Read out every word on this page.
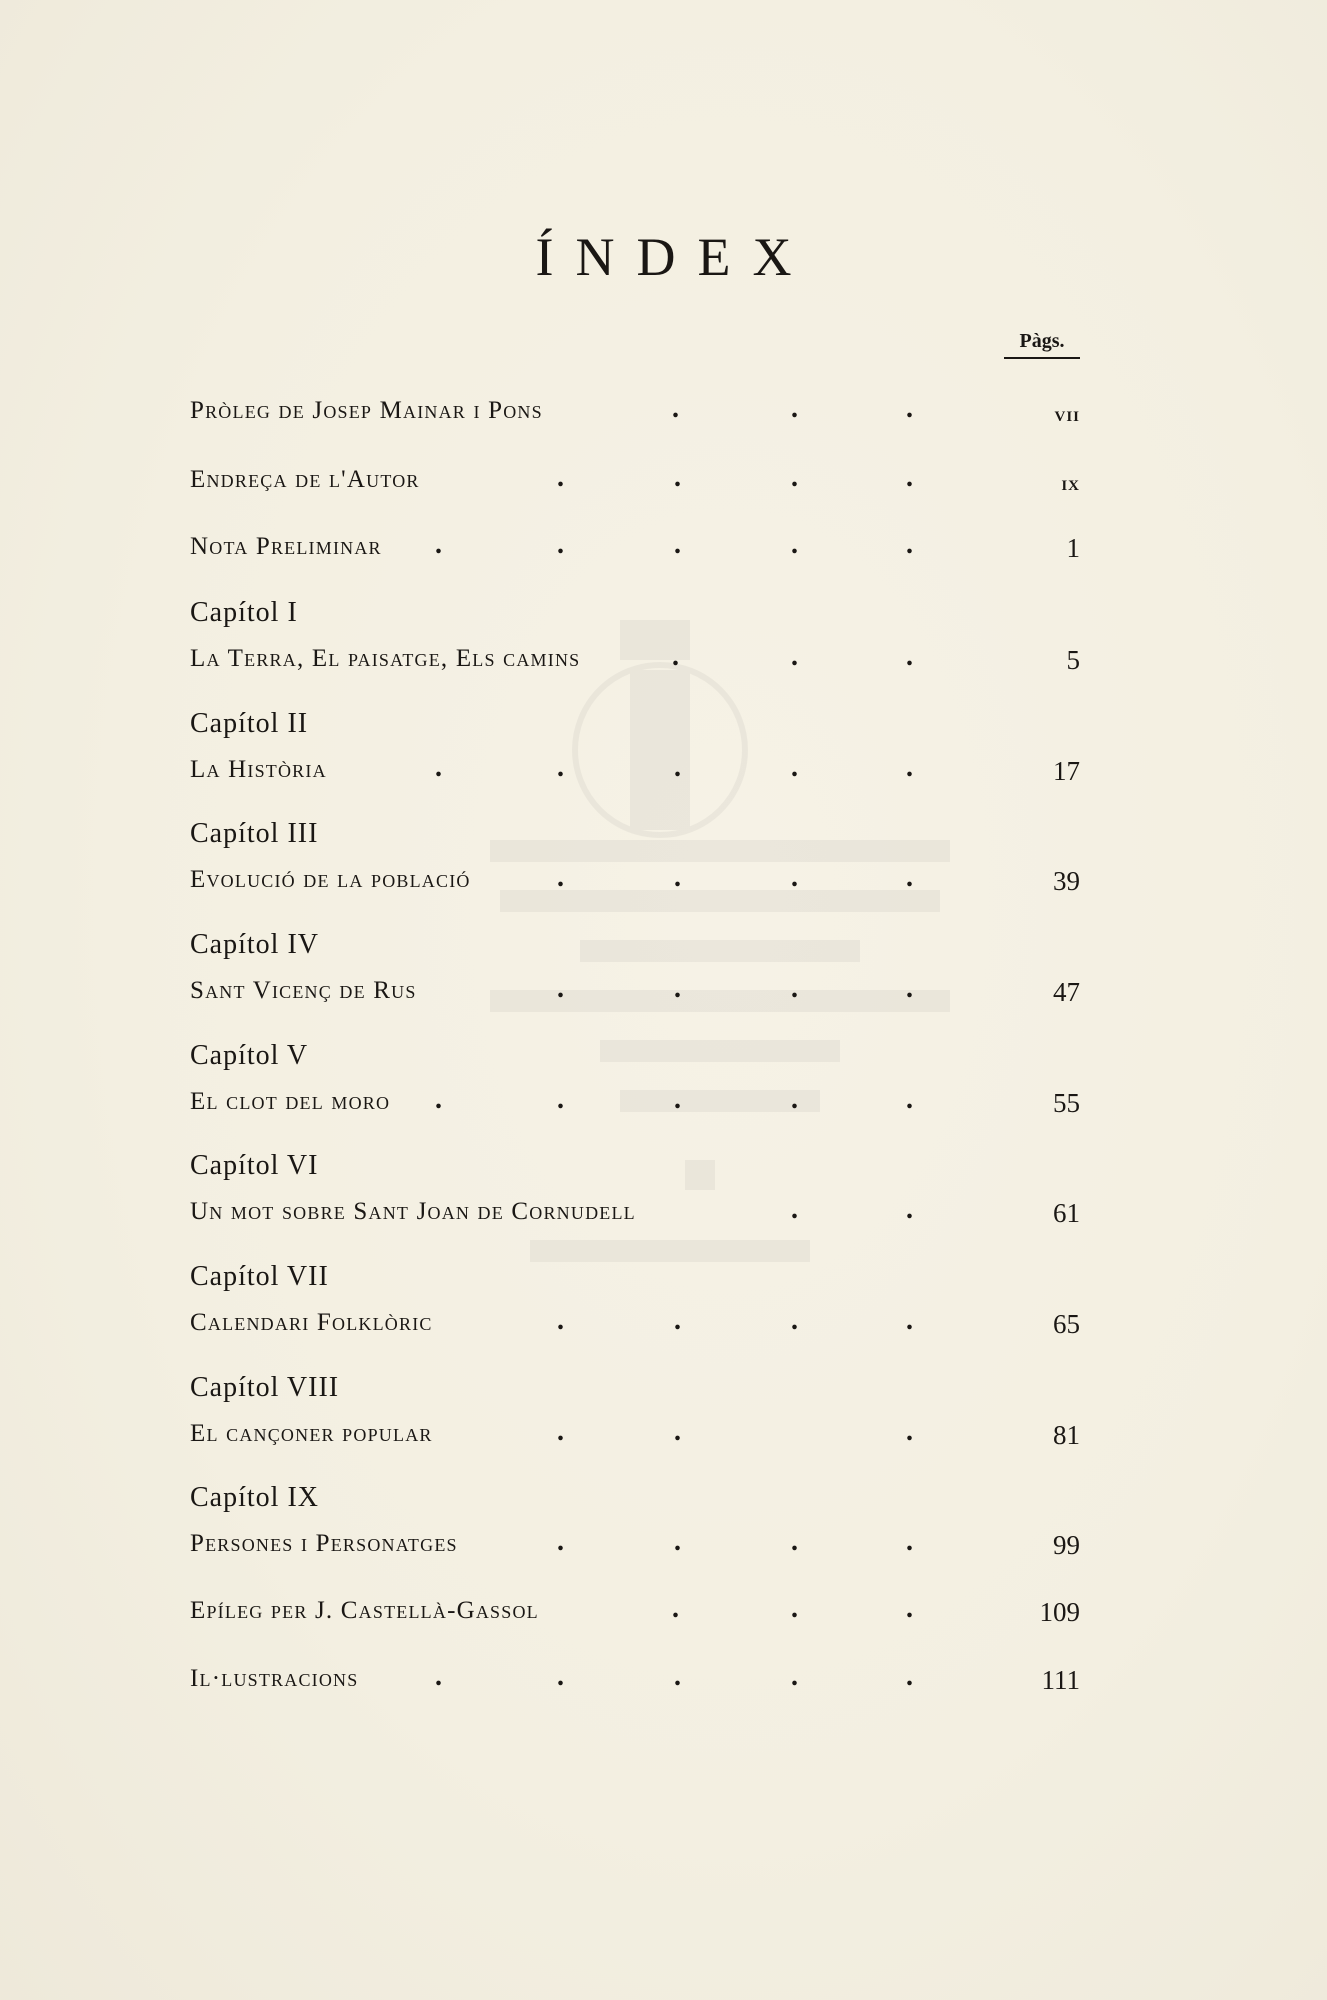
ÍNDEX
Pàgs.
Pròleg de Josep Mainar i Pons	.	.	.	vii
Endreça de l'Autor	.	.	.	.	ix
Nota Preliminar .	.	.	.	.	1
Capítol I
La Terra, El paisatge, Els camins	.	.	.	5
Capítol II
La Història	.	.	.	.	.	17
Capítol III
Evolució de la població	.	.	.	.	39
Capítol IV
Sant Vicenç de Rus	.	.	.	.	47
Capítol V
El clot del moro .	.	.	.	.	55
Capítol VI
Un mot sobre Sant Joan de Cornudell	.	.	61
Capítol VII
Calendari Folklòric	.	.	.	.	65
Capítol VIII
El cançoner popular	.	.	.	81
Capítol IX
Persones i Personatges	.	.	.	.	99
Epíleg per J. Castellà-Gassol	.	.	.	109
Il·lustracions	.	.	.	.	.	111
